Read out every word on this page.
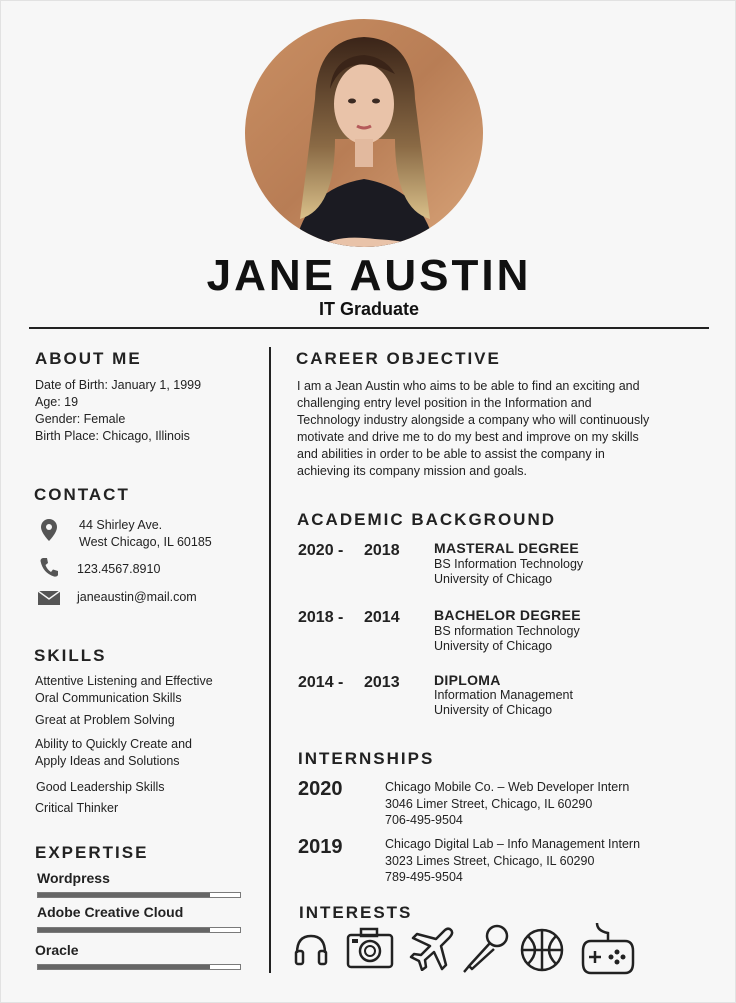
JANE AUSTIN
IT Graduate
ABOUT ME
Date of Birth: January 1, 1999
Age: 19
Gender: Female
Birth Place: Chicago, Illinois
CONTACT
44 Shirley Ave.
West Chicago, IL 60185
123.4567.8910
janeaustin@mail.com
SKILLS
Attentive Listening and Effective
Oral Communication Skills
Great at Problem Solving
Ability to Quickly Create and
Apply Ideas and Solutions
Good Leadership Skills
Critical Thinker
EXPERTISE
Wordpress
Adobe Creative Cloud
Oracle
CAREER OBJECTIVE
I am a Jean Austin who aims to be able to find an exciting and
challenging entry level position in the Information and
Technology industry alongside a company who will continuously
motivate and drive me to do my best and improve on my skills
and abilities in order to be able to assist the company in
achieving its company mission and goals.
ACADEMIC BACKGROUND
2020 - 2018 MASTERAL DEGREE
BS Information Technology
University of Chicago
2018 - 2014 BACHELOR DEGREE
BS nformation Technology
University of Chicago
2014 - 2013 DIPLOMA
Information Management
University of Chicago
INTERNSHIPS
2020	Chicago Mobile Co. – Web Developer Intern
3046 Limer Street, Chicago, IL 60290
706-495-9504
2019	Chicago Digital Lab – Info Management Intern
3023 Limes Street, Chicago, IL 60290
789-495-9504
INTERESTS
